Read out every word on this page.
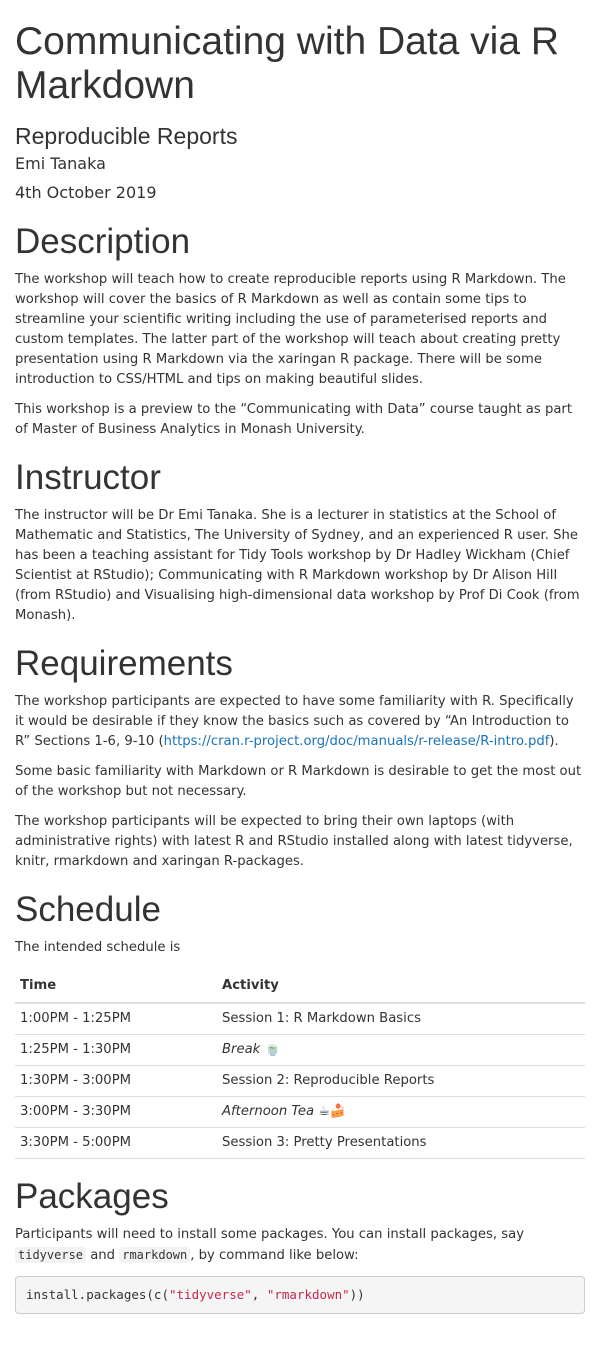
Communicating with Data via R Markdown
Reproducible Reports
Emi Tanaka
4th October 2019
Description

The workshop will teach how to create reproducible reports using R Markdown. The workshop will cover the basics of R Markdown as well as contain some tips to streamline your scientific writing including the use of parameterised reports and custom templates. The latter part of the workshop will teach about creating pretty presentation using R Markdown via the xaringan R package. There will be some introduction to CSS/HTML and tips on making beautiful slides.

This workshop is a preview to the “Communicating with Data” course taught as part of Master of Business Analytics in Monash University.

Instructor

The instructor will be Dr Emi Tanaka. She is a lecturer in statistics at the School of Mathematic and Statistics, The University of Sydney, and an experienced R user. She has been a teaching assistant for Tidy Tools workshop by Dr Hadley Wickham (Chief Scientist at RStudio); Communicating with R Markdown workshop by Dr Alison Hill (from RStudio) and Visualising high-dimensional data workshop by Prof Di Cook (from Monash).

Requirements

The workshop participants are expected to have some familiarity with R. Specifically it would be desirable if they know the basics such as covered by “An Introduction to R” Sections 1-6, 9-10 (https://cran.r-project.org/doc/manuals/r-release/R-intro.pdf).

Some basic familiarity with Markdown or R Markdown is desirable to get the most out of the workshop but not necessary.

The workshop participants will be expected to bring their own laptops (with administrative rights) with latest R and RStudio installed along with latest tidyverse, knitr, rmarkdown and xaringan R-packages.

Schedule

The intended schedule is

Time	Activity
1:00PM - 1:25PM	Session 1: R Markdown Basics
1:25PM - 1:30PM	Break 🍵
1:30PM - 3:00PM	Session 2: Reproducible Reports
3:00PM - 3:30PM	Afternoon Tea ☕🍰
3:30PM - 5:00PM	Session 3: Pretty Presentations
Packages

Participants will need to install some packages. You can install packages, say tidyverse and rmarkdown , by command like below:

install.packages(c("tidyverse", "rmarkdown"))
